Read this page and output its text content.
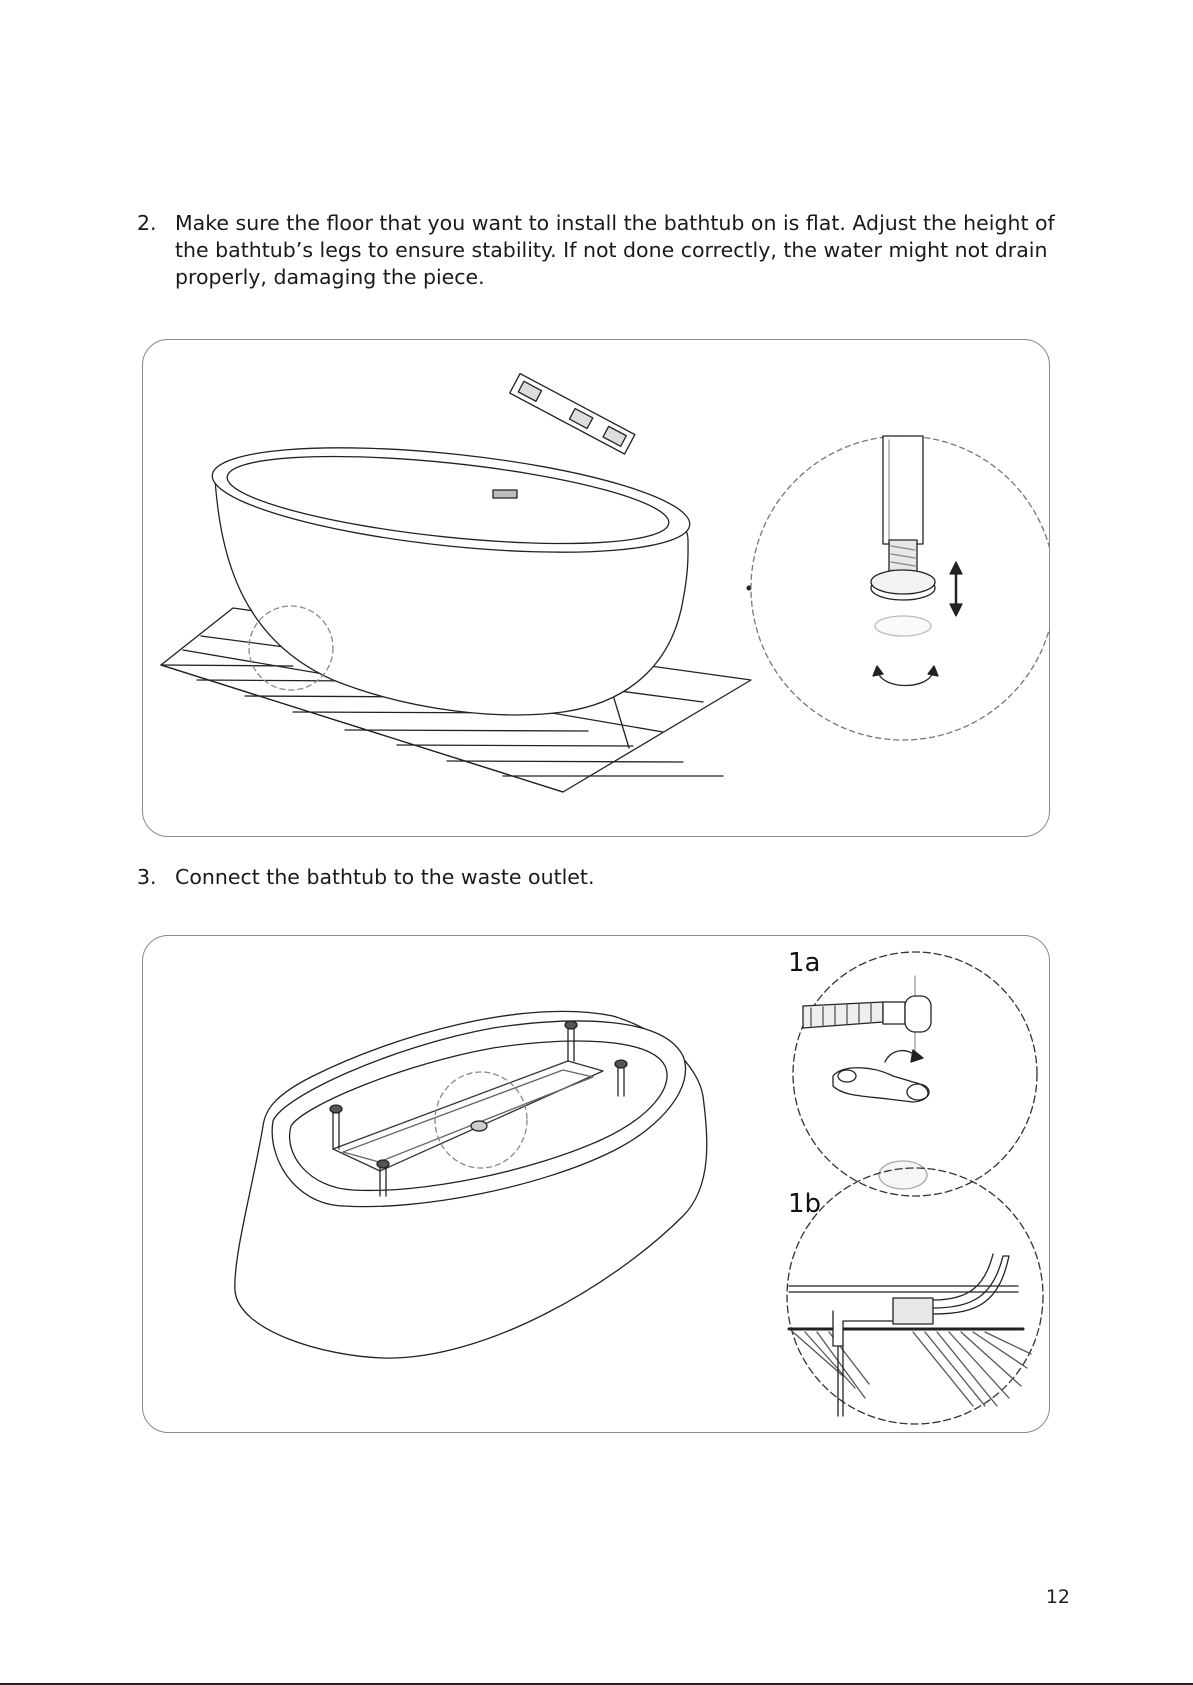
2. Make sure the floor that you want to install the bathtub on is flat. Adjust the height of the bathtub’s legs to ensure stability. If not done correctly, the water might not drain properly, damaging the piece.
3. Connect the bathtub to the waste outlet.
1a
1b
12
